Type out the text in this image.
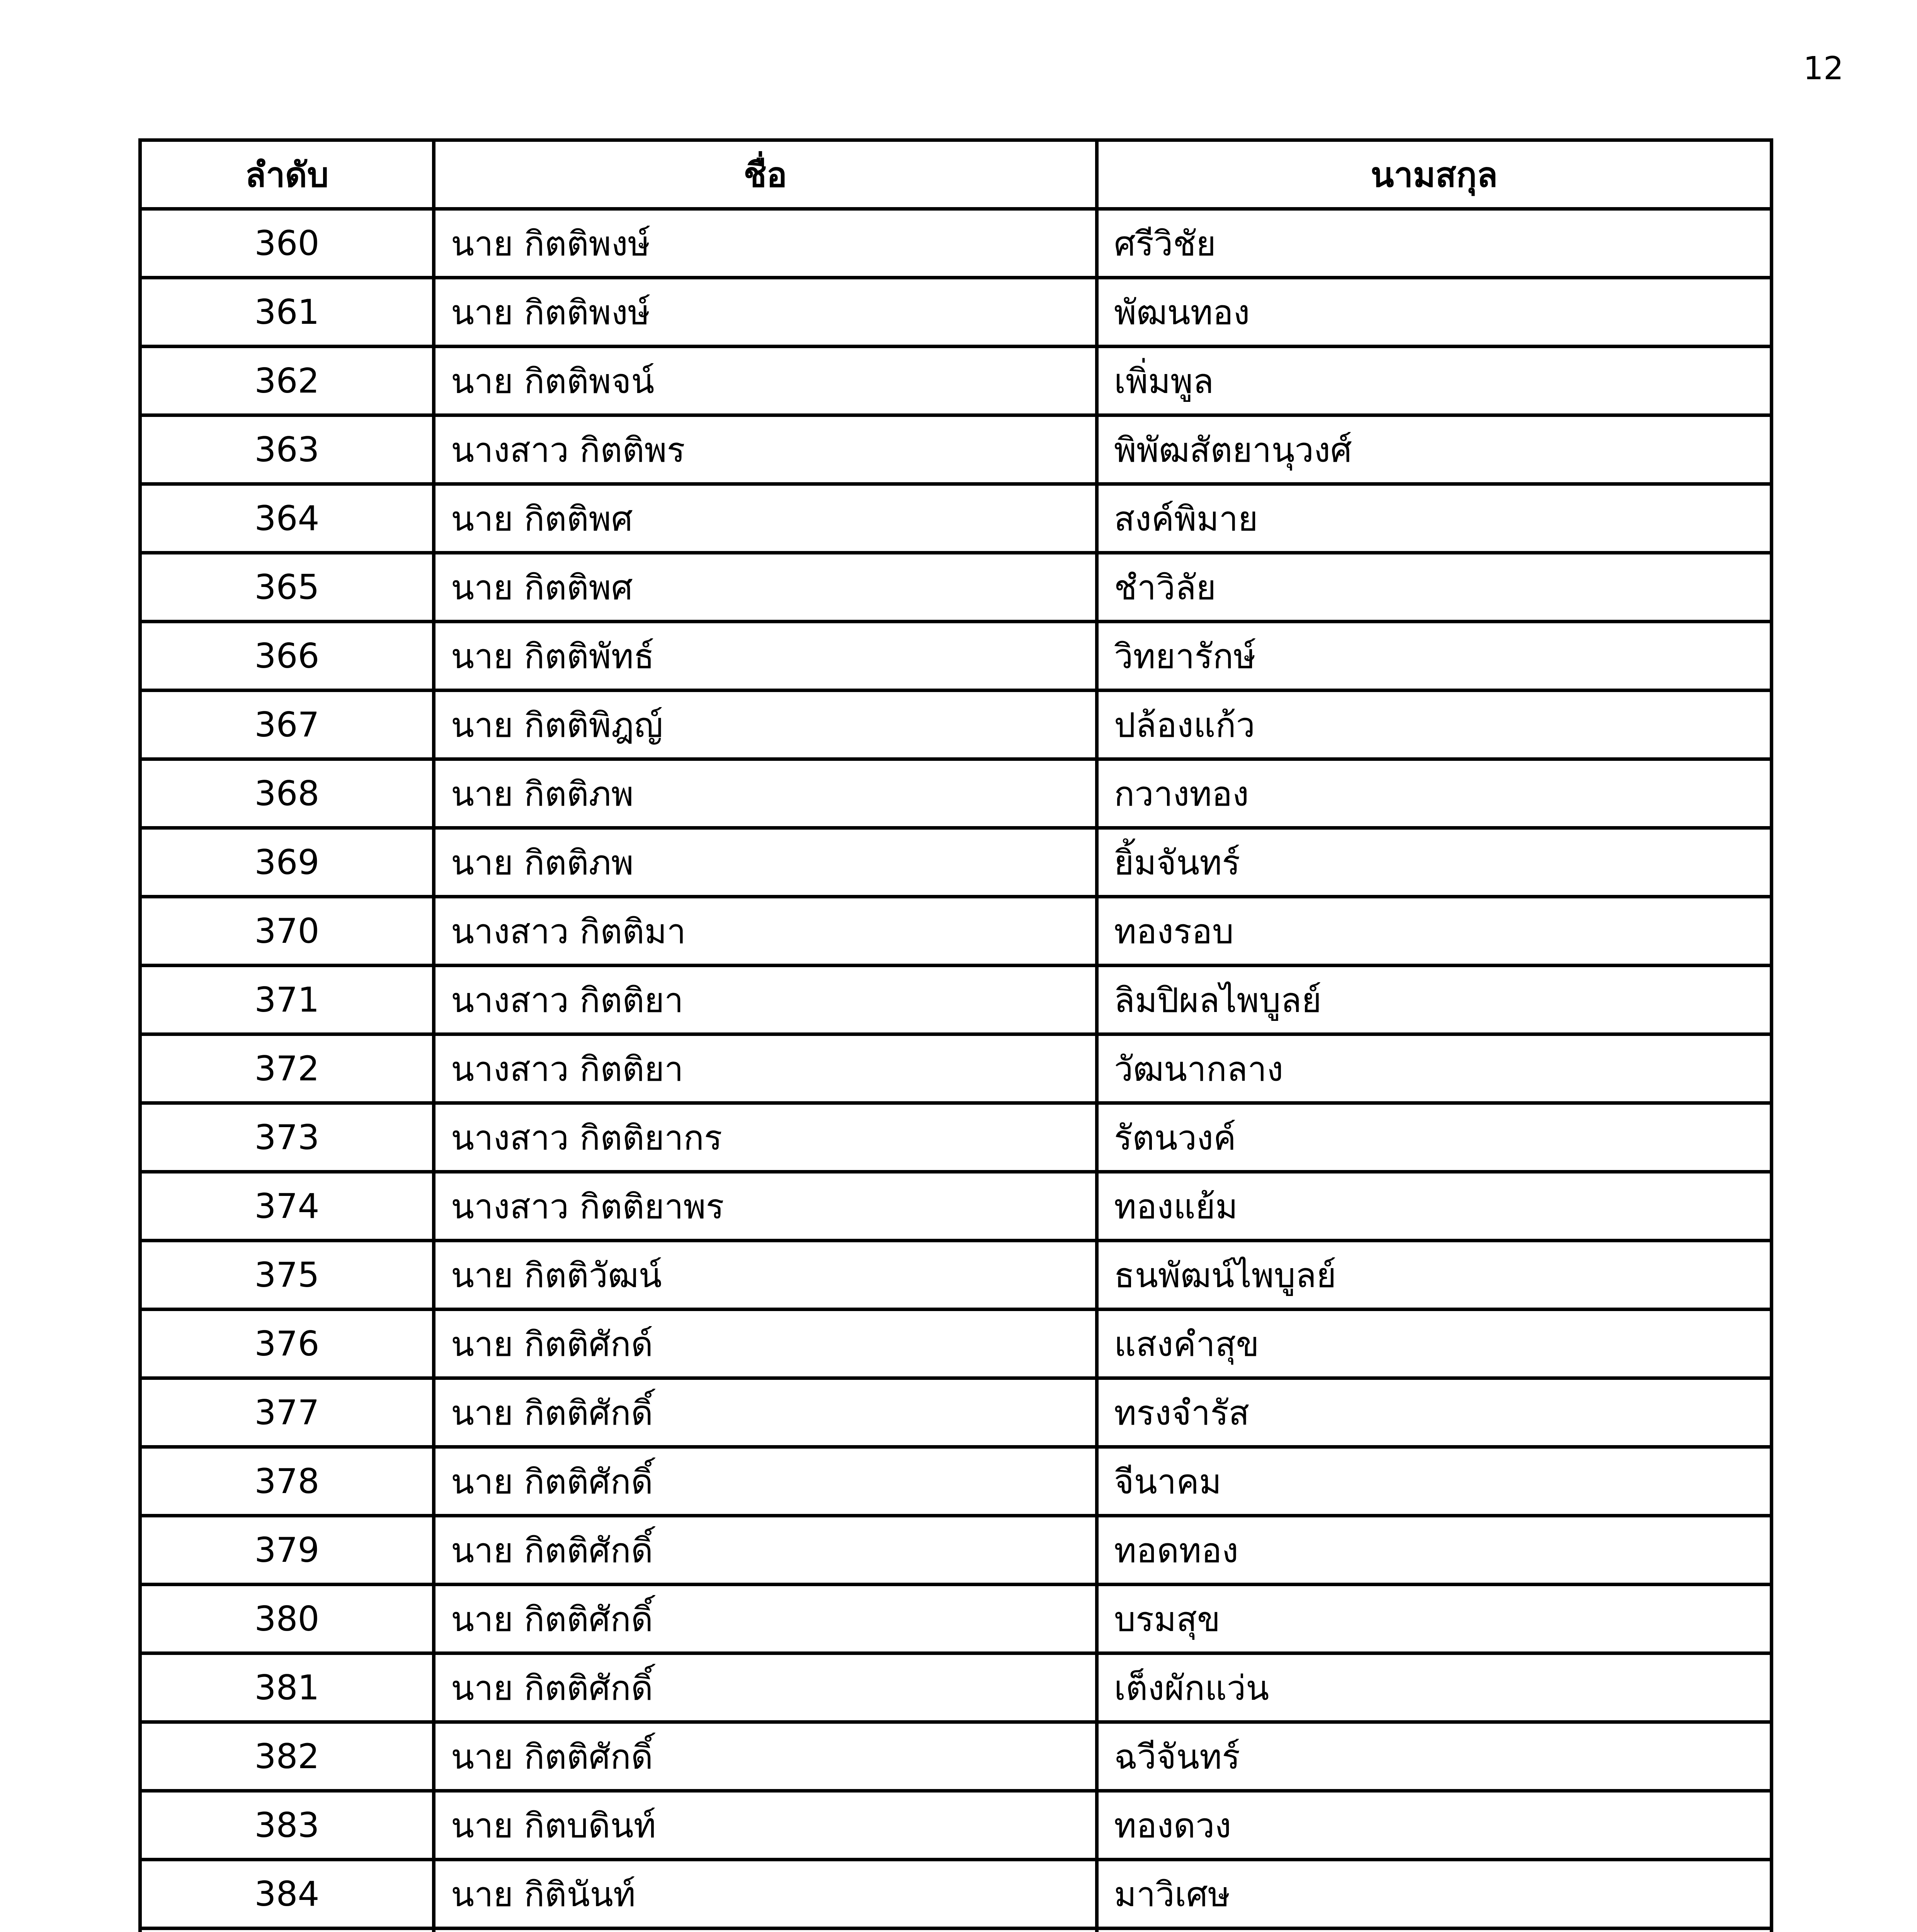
12
ลำดับ	ชื่อ	นามสกุล
360	นาย กิตติพงษ์	ศรีวิชัย
361	นาย กิตติพงษ์	พัฒนทอง
362	นาย กิตติพจน์	เพิ่มพูล
363	นางสาว กิตติพร	พิพัฒสัตยานุวงศ์
364	นาย กิตติพศ	สงค์พิมาย
365	นาย กิตติพศ	ชำวิลัย
366	นาย กิตติพัทธ์	วิทยารักษ์
367	นาย กิตติพิฎญ์	ปล้องแก้ว
368	นาย กิตติภพ	กวางทอง
369	นาย กิตติภพ	ยิ้มจันทร์
370	นางสาว กิตติมา	ทองรอบ
371	นางสาว กิตติยา	ลิมปิผลไพบูลย์
372	นางสาว กิตติยา	วัฒนากลาง
373	นางสาว กิตติยากร	รัตนวงค์
374	นางสาว กิตติยาพร	ทองแย้ม
375	นาย กิตติวัฒน์	ธนพัฒน์ไพบูลย์
376	นาย กิตติศักด์	แสงคำสุข
377	นาย กิตติศักดิ์	ทรงจำรัส
378	นาย กิตติศักดิ์	จีนาคม
379	นาย กิตติศักดิ์	ทอดทอง
380	นาย กิตติศักดิ์	บรมสุข
381	นาย กิตติศักดิ์	เต็งผักแว่น
382	นาย กิตติศักดิ์	ฉวีจันทร์
383	นาย กิตบดินท์	ทองดวง
384	นาย กิตินันท์	มาวิเศษ
